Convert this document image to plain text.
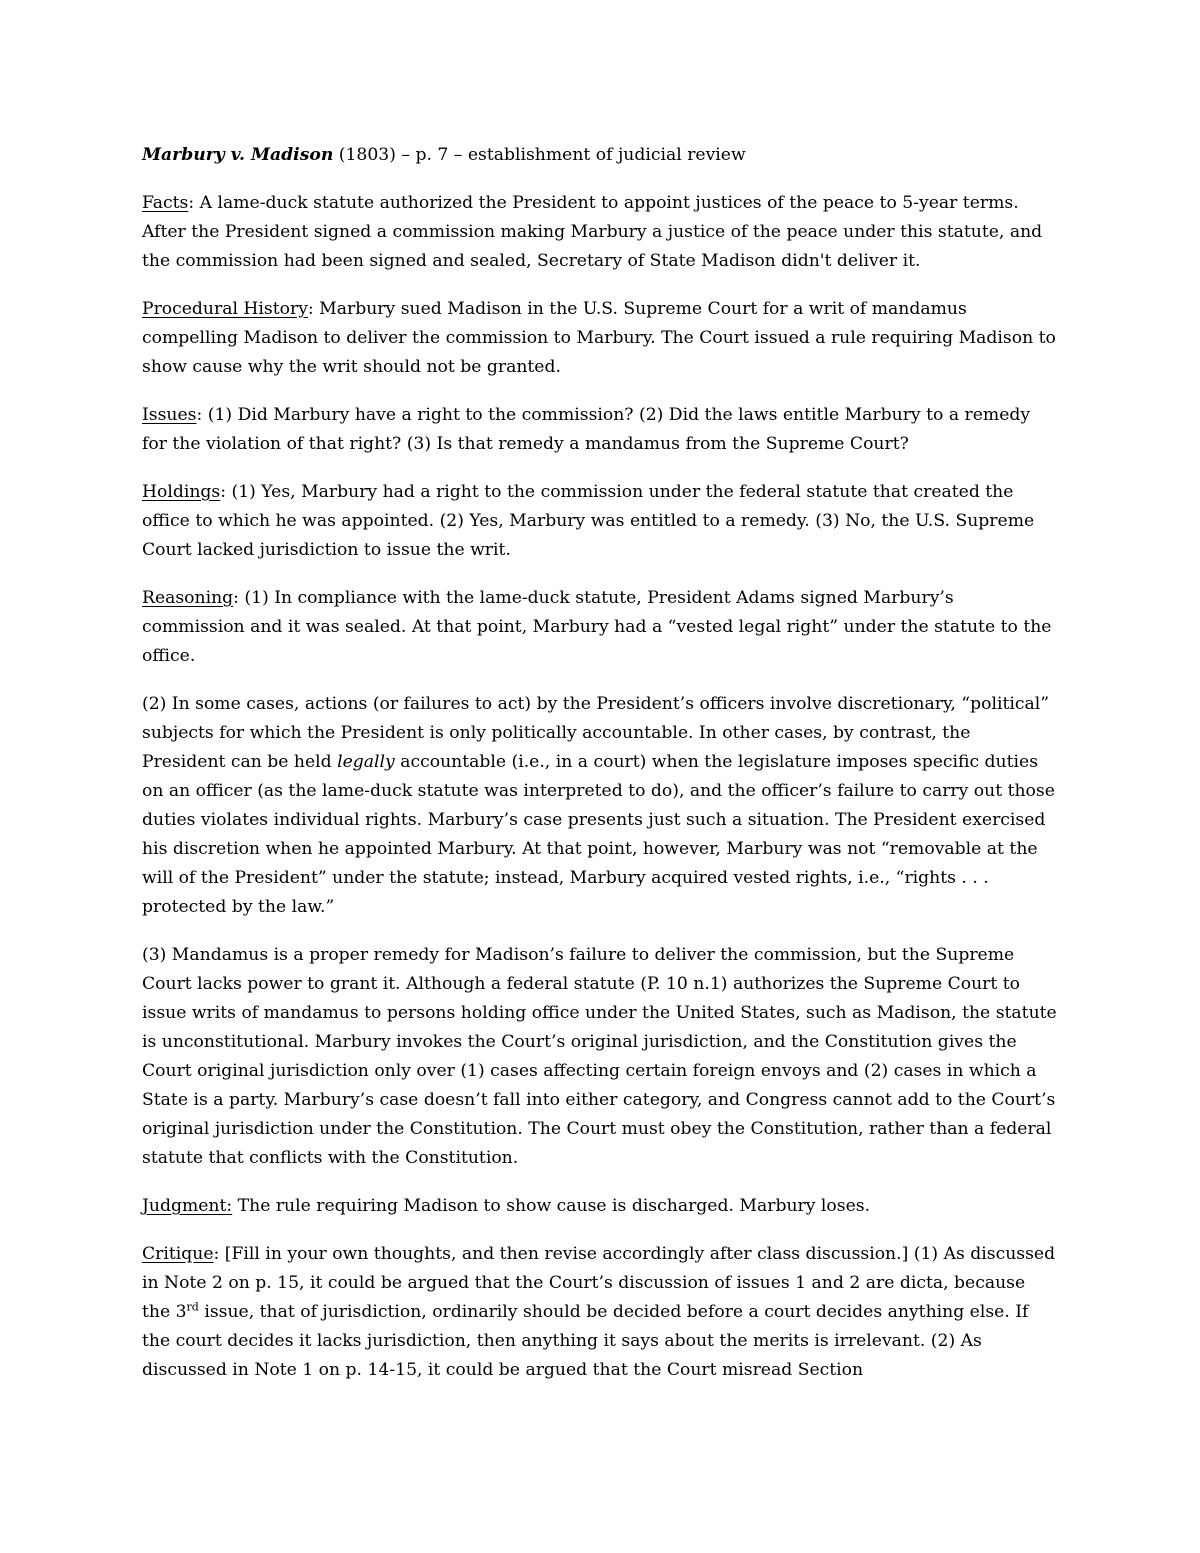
Marbury v. Madison (1803) – p. 7 – establishment of judicial review

Facts: A lame-duck statute authorized the President to appoint justices of the peace to 5-year terms. After the President signed a commission making Marbury a justice of the peace under this statute, and the commission had been signed and sealed, Secretary of State Madison didn't deliver it.

Procedural History: Marbury sued Madison in the U.S. Supreme Court for a writ of mandamus compelling Madison to deliver the commission to Marbury. The Court issued a rule requiring Madison to show cause why the writ should not be granted.

Issues: (1) Did Marbury have a right to the commission? (2) Did the laws entitle Marbury to a remedy for the violation of that right? (3) Is that remedy a mandamus from the Supreme Court?

Holdings: (1) Yes, Marbury had a right to the commission under the federal statute that created the office to which he was appointed. (2) Yes, Marbury was entitled to a remedy. (3) No, the U.S. Supreme Court lacked jurisdiction to issue the writ.

Reasoning: (1) In compliance with the lame-duck statute, President Adams signed Marbury’s commission and it was sealed. At that point, Marbury had a “vested legal right” under the statute to the office.

(2) In some cases, actions (or failures to act) by the President’s officers involve discretionary, “political” subjects for which the President is only politically accountable. In other cases, by contrast, the President can be held legally accountable (i.e., in a court) when the legislature imposes specific duties on an officer (as the lame-duck statute was interpreted to do), and the officer’s failure to carry out those duties violates individual rights. Marbury’s case presents just such a situation. The President exercised his discretion when he appointed Marbury. At that point, however, Marbury was not “removable at the will of the President” under the statute; instead, Marbury acquired vested rights, i.e., “rights . . . protected by the law.”

(3) Mandamus is a proper remedy for Madison’s failure to deliver the commission, but the Supreme Court lacks power to grant it. Although a federal statute (P. 10 n.1) authorizes the Supreme Court to issue writs of mandamus to persons holding office under the United States, such as Madison, the statute is unconstitutional. Marbury invokes the Court’s original jurisdiction, and the Constitution gives the Court original jurisdiction only over (1) cases affecting certain foreign envoys and (2) cases in which a State is a party. Marbury’s case doesn’t fall into either category, and Congress cannot add to the Court’s original jurisdiction under the Constitution. The Court must obey the Constitution, rather than a federal statute that conflicts with the Constitution.

Judgment: The rule requiring Madison to show cause is discharged. Marbury loses.

Critique: [Fill in your own thoughts, and then revise accordingly after class discussion.] (1) As discussed in Note 2 on p. 15, it could be argued that the Court’s discussion of issues 1 and 2 are dicta, because the 3rd issue, that of jurisdiction, ordinarily should be decided before a court decides anything else. If the court decides it lacks jurisdiction, then anything it says about the merits is irrelevant. (2) As discussed in Note 1 on p. 14-15, it could be argued that the Court misread Section
